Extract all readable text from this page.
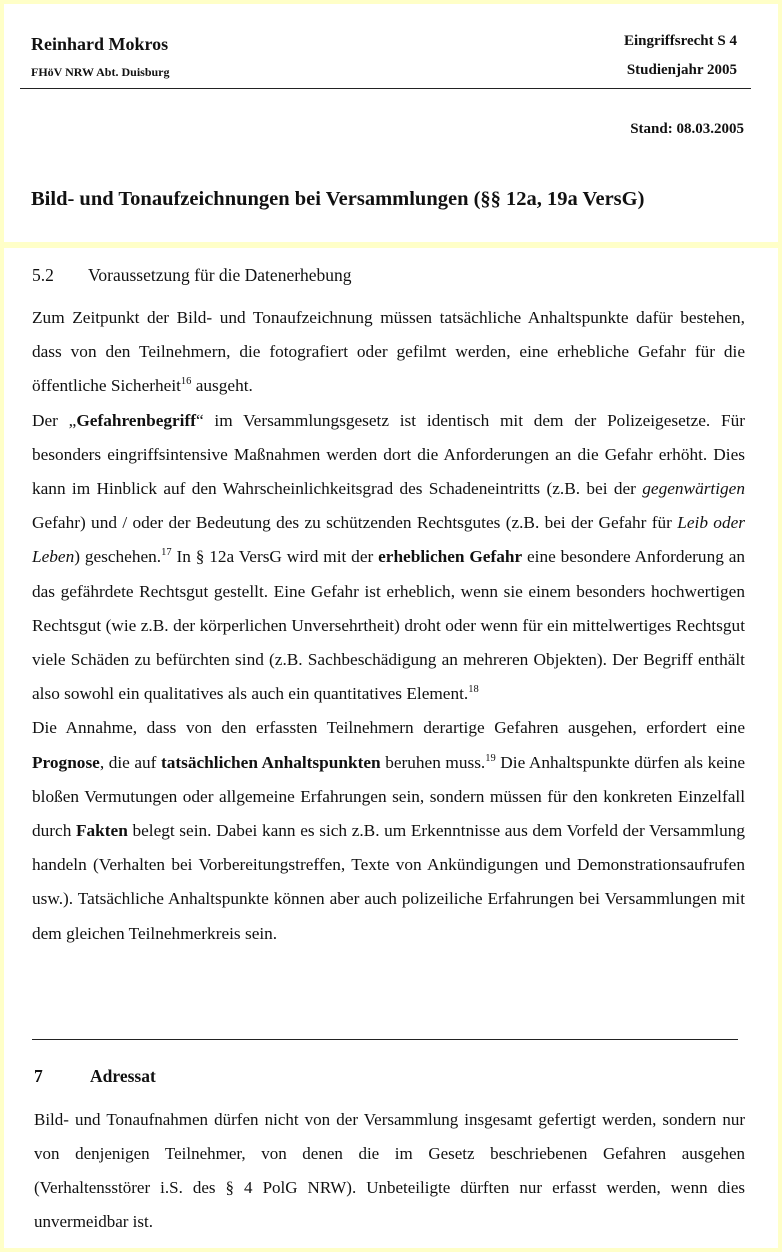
Reinhard Mokros
FHöV NRW Abt. Duisburg
Eingriffsrecht S 4
Studienjahr 2005
Stand: 08.03.2005
Bild- und Tonaufzeichnungen bei Versammlungen (§§ 12a, 19a VersG)
5.2 Voraussetzung für die Datenerhebung

Zum Zeitpunkt der Bild- und Tonaufzeichnung müssen tatsächliche Anhaltspunkte dafür bestehen, dass von den Teilnehmern, die fotografiert oder gefilmt werden, eine erhebliche Gefahr für die öffentliche Sicherheit$^{16}$ ausgeht.

Der „Gefahrenbegriff“ im Versammlungsgesetz ist identisch mit dem der Polizeigesetze. Für besonders eingriffsintensive Maßnahmen werden dort die Anforderungen an die Gefahr erhöht. Dies kann im Hinblick auf den Wahrscheinlichkeitsgrad des Schadeneintritts (z.B. bei der gegenwärtigen Gefahr) und / oder der Bedeutung des zu schützenden Rechtsgutes (z.B. bei der Gefahr für Leib oder Leben) geschehen.$^{17}$ In § 12a VersG wird mit der erheblichen Gefahr eine besondere Anforderung an das gefährdete Rechtsgut gestellt. Eine Gefahr ist erheblich, wenn sie einem besonders hochwertigen Rechtsgut (wie z.B. der körperlichen Unversehrtheit) droht oder wenn für ein mittelwertiges Rechtsgut viele Schäden zu befürchten sind (z.B. Sachbeschädigung an mehreren Objekten). Der Begriff enthält also sowohl ein qualitatives als auch ein quantitatives Element.$^{18}$

Die Annahme, dass von den erfassten Teilnehmern derartige Gefahren ausgehen, erfordert eine Prognose, die auf tatsächlichen Anhaltspunkten beruhen muss.$^{19}$ Die Anhaltspunkte dürfen als keine bloßen Vermutungen oder allgemeine Erfahrungen sein, sondern müssen für den konkreten Einzelfall durch Fakten belegt sein. Dabei kann es sich z.B. um Erkenntnisse aus dem Vorfeld der Versammlung handeln (Verhalten bei Vorbereitungstreffen, Texte von Ankündigungen und Demonstrationsaufrufen usw.). Tatsächliche Anhaltspunkte können aber auch polizeiliche Erfahrungen bei Versammlungen mit dem gleichen Teilnehmerkreis sein.

7	Adressat

Bild- und Tonaufnahmen dürfen nicht von der Versammlung insgesamt gefertigt werden, sondern nur von denjenigen Teilnehmer, von denen die im Gesetz beschriebenen Gefahren ausgehen (Verhaltensstörer i.S. des § 4 PolG NRW). Unbeteiligte dürften nur erfasst werden, wenn dies unvermeidbar ist.
